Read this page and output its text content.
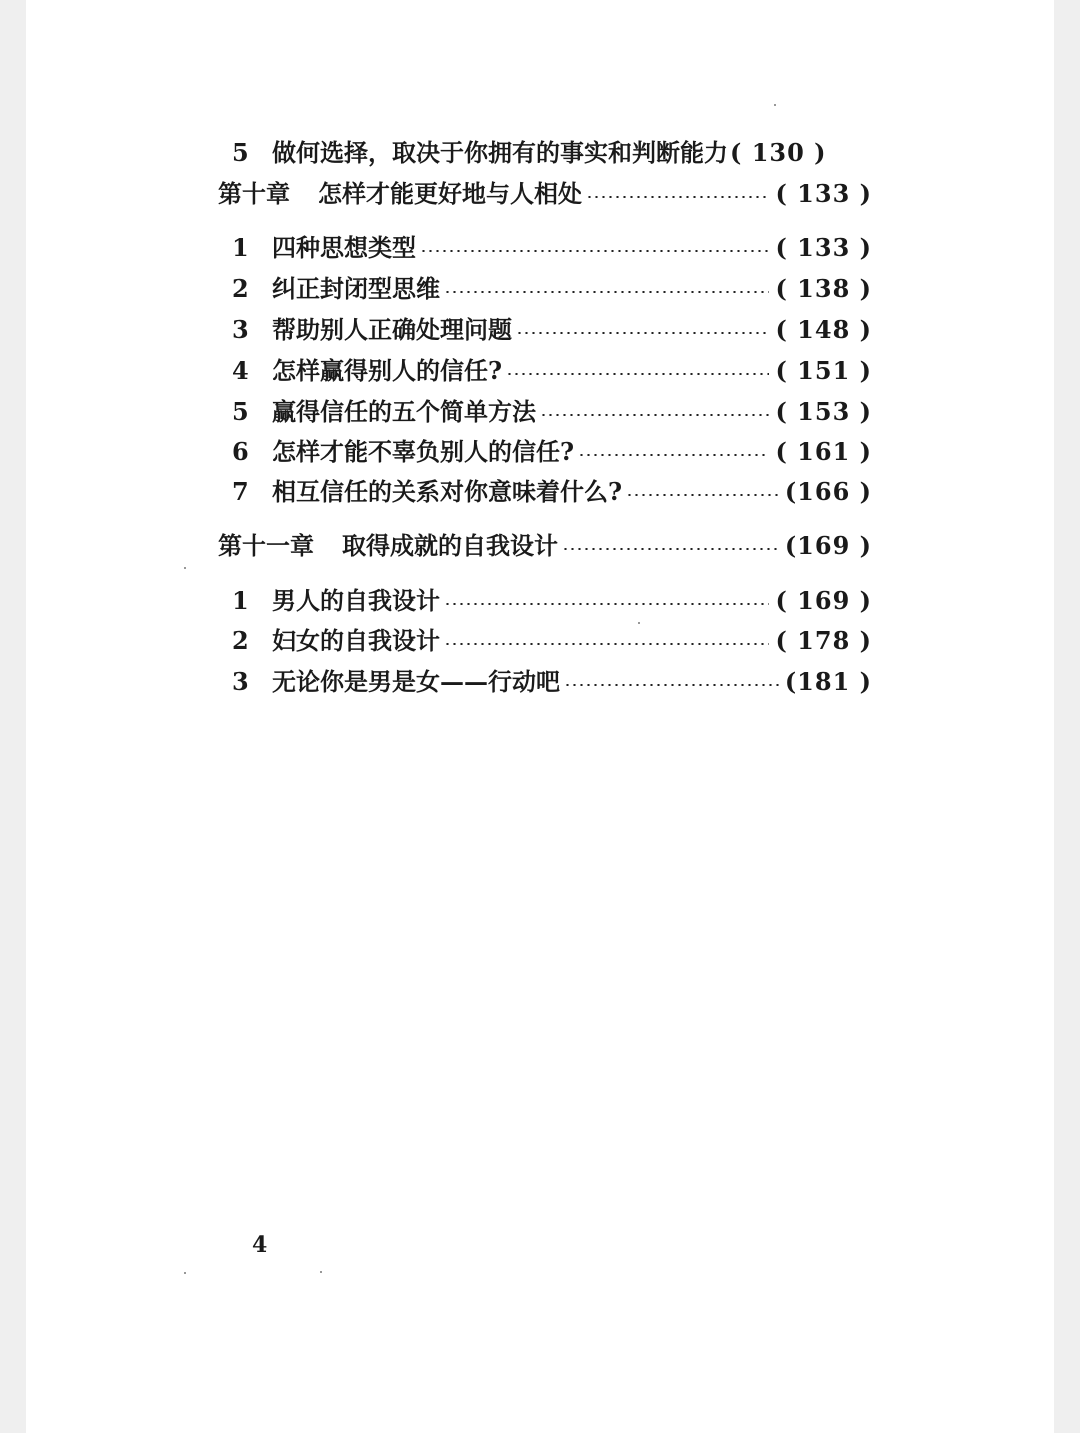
5 做何选择，取决于你拥有的事实和判断能力 ( 130 )
第十章 怎样才能更好地与人相处	( 133 )
1 四种思想类型	( 133 )
2 纠正封闭型思维	( 138 )
3 帮助别人正确处理问题	( 148 )
4 怎样赢得别人的信任?	( 151 )
5 赢得信任的五个简单方法	( 153 )
6 怎样才能不辜负别人的信任?	( 161 )
7 相互信任的关系对你意味着什么?	(166 )
第十一章 取得成就的自我设计	(169 )
1 男人的自我设计	( 169 )
2 妇女的自我设计	( 178 )
3 无论你是男是女——行动吧	(181 )
4
